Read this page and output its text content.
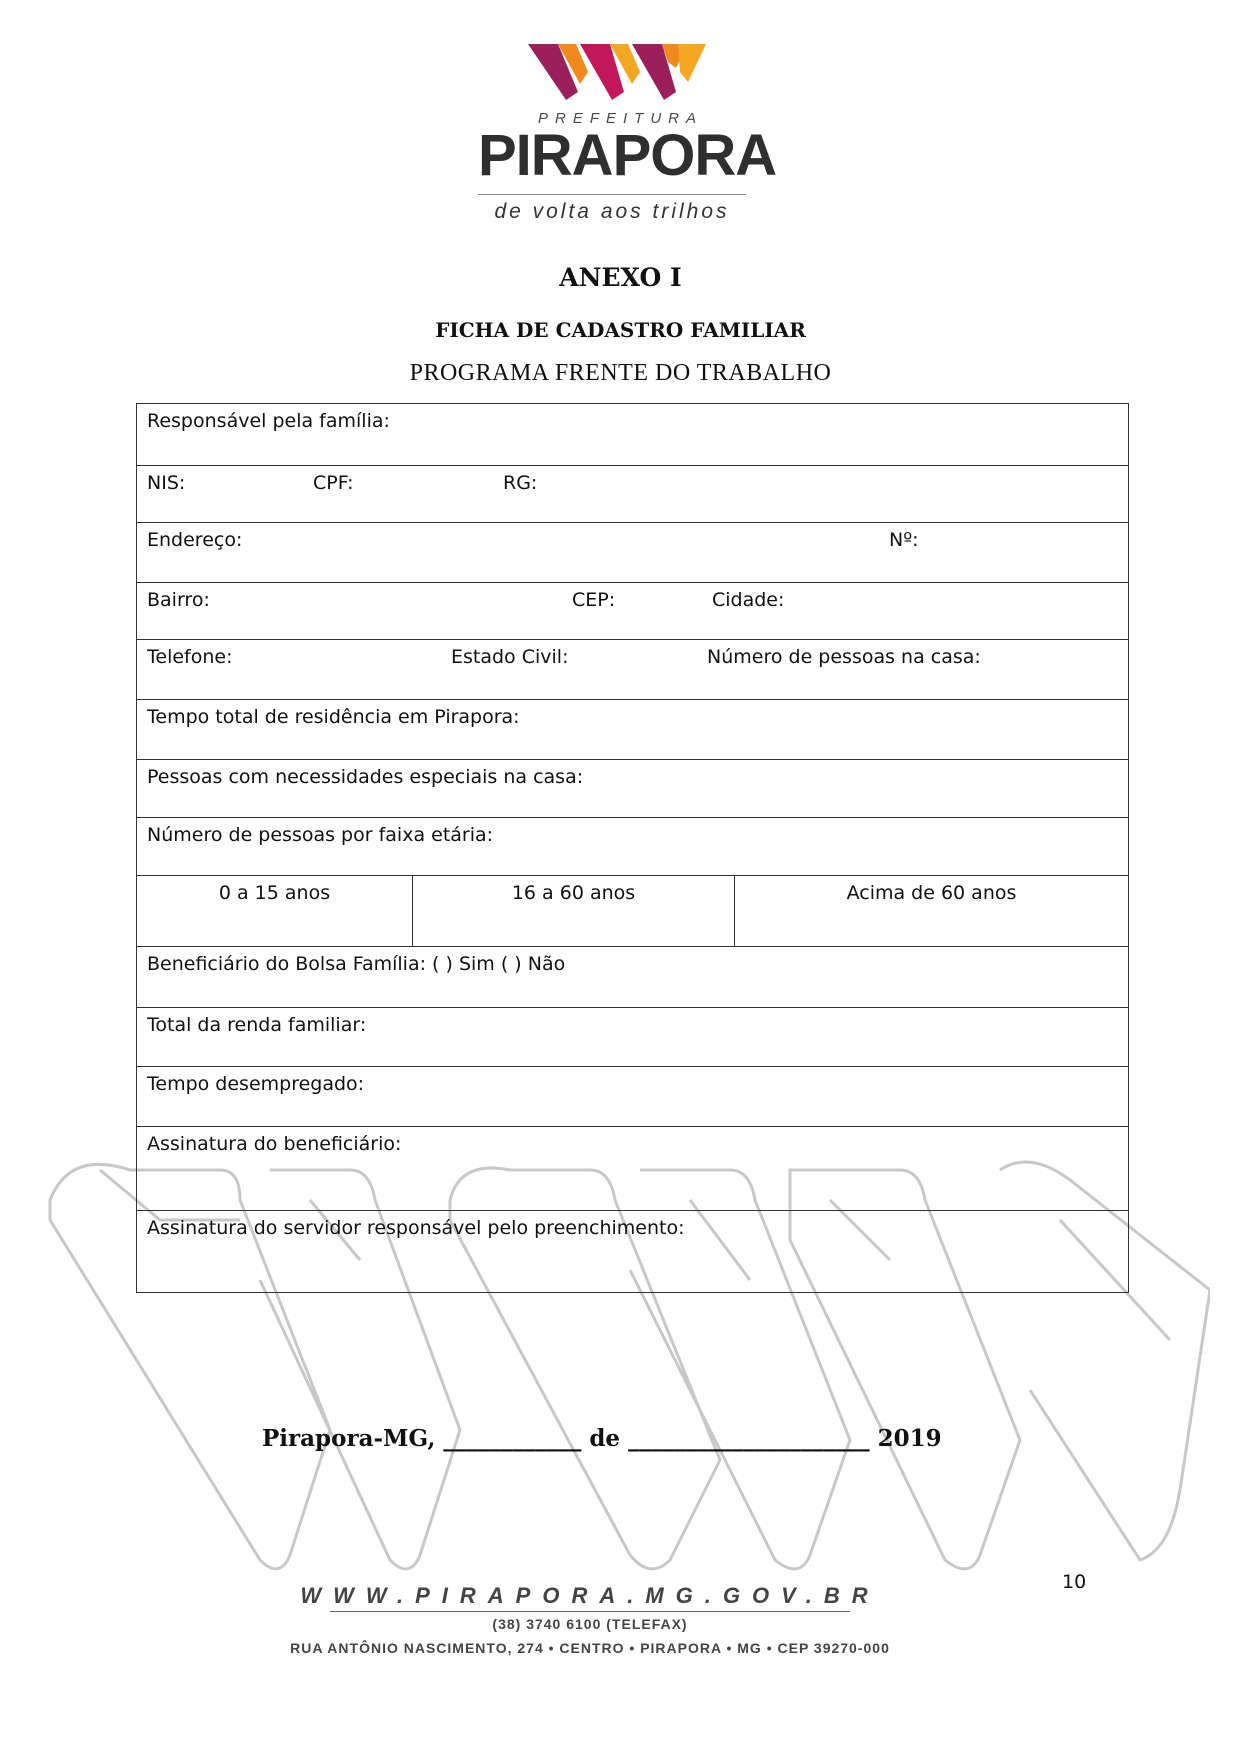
PREFEITURA
PIRAPORA
de volta aos trilhos
ANEXO I
FICHA DE CADASTRO FAMILIAR
PROGRAMA FRENTE DO TRABALHO
Responsável pela família:
NIS:	CPF:	RG:
Endereço:	Nº:
Bairro:	CEP:	Cidade:
Telefone:	Estado Civil:	Número de pessoas na casa:
Tempo total de residência em Pirapora:
Pessoas com necessidades especiais na casa:
Número de pessoas por faixa etária:
0 a 15 anos	16 a 60 anos	Acima de 60 anos
Beneficiário do Bolsa Família: ( ) Sim ( ) Não
Total da renda familiar:
Tempo desempregado:
Assinatura do beneficiário:
Assinatura do servidor responsável pelo preenchimento:
Pirapora-MG, ____________ de _____________________ 2019
10
WWW.PIRAPORA.MG.GOV.BR
(38) 3740 6100 (TELEFAX)
RUA ANTÔNIO NASCIMENTO, 274 • CENTRO • PIRAPORA • MG • CEP 39270-000
